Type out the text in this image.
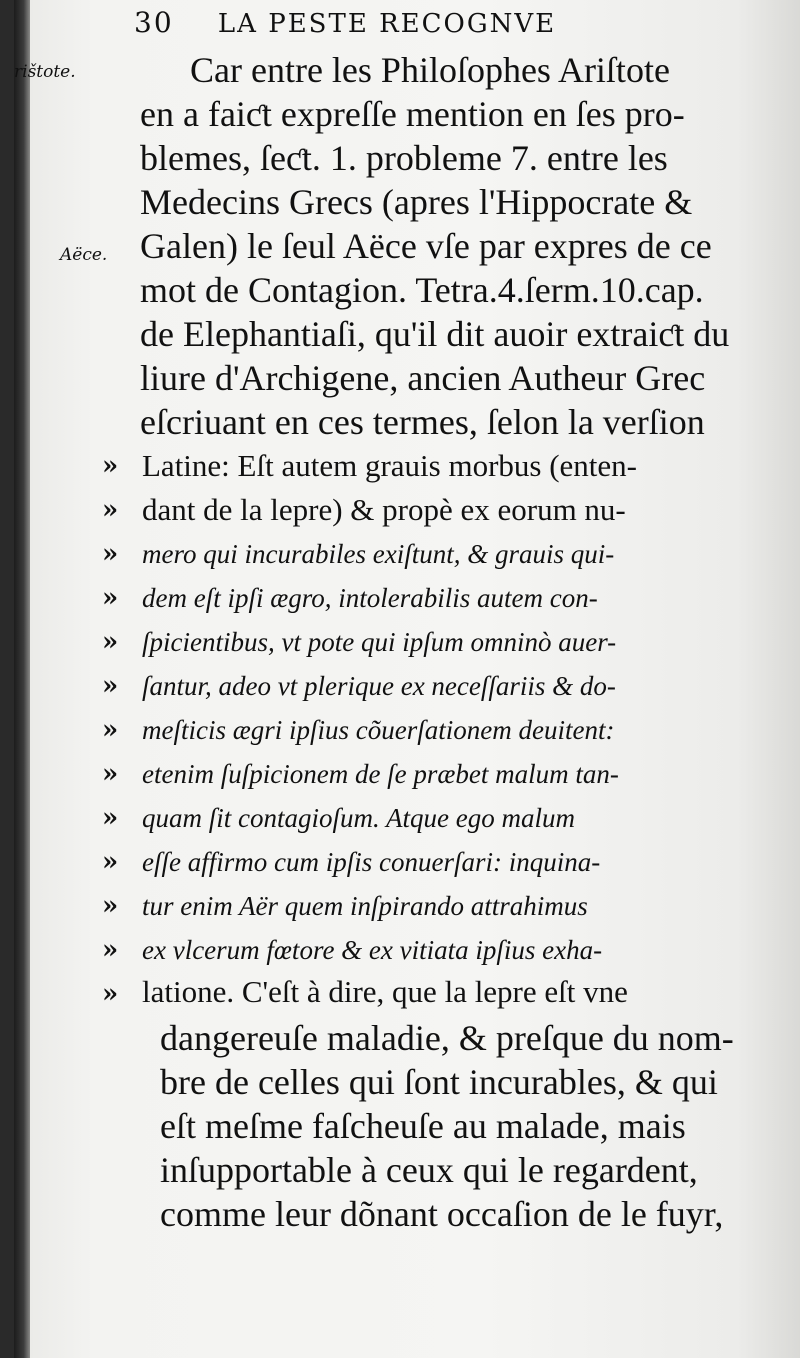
30 LA PESTE RECOGNVE
rištote.
Aëce.
Car entre les Philoſophes Ariſtote
en a faiƈt expreſſe mention en ſes pro-
blemes, ſeƈt. 1. probleme 7. entre les
Medecins Grecs (apres l'Hippocrate &
Galen) le ſeul Aëce vſe par expres de ce
mot de Contagion. Tetra.4.ſerm.10.cap.
de Elephantiaſi, qu'il dit auoir extraiƈt du
liure d'Archigene, ancien Autheur Grec
eſcriuant en ces termes, ſelon la verſion
»
»
»
»
»
»
»
»
»
»
»
»
»
Latine: Eſt autem grauis morbus (enten-
dant de la lepre) & propè ex eorum nu-
mero qui incurabiles exiſtunt, & grauis qui-
dem eſt ipſi ægro, intolerabilis autem con-
ſpicientibus, vt pote qui ipſum omninò auer-
ſantur, adeo vt plerique ex neceſſariis & do-
meſticis ægri ipſius cõuerſationem deuitent:
etenim ſuſpicionem de ſe præbet malum tan-
quam ſit contagioſum. Atque ego malum
eſſe affirmo cum ipſis conuerſari: inquina-
tur enim Aër quem inſpirando attrahimus
ex vlcerum fœtore & ex vitiata ipſius exha-
latione. C'eſt à dire, que la lepre eſt vne
dangereuſe maladie, & preſque du nom-
bre de celles qui ſont incurables, & qui
eſt meſme faſcheuſe au malade, mais
inſupportable à ceux qui le regardent,
comme leur dõnant occaſion de le fuyr,
